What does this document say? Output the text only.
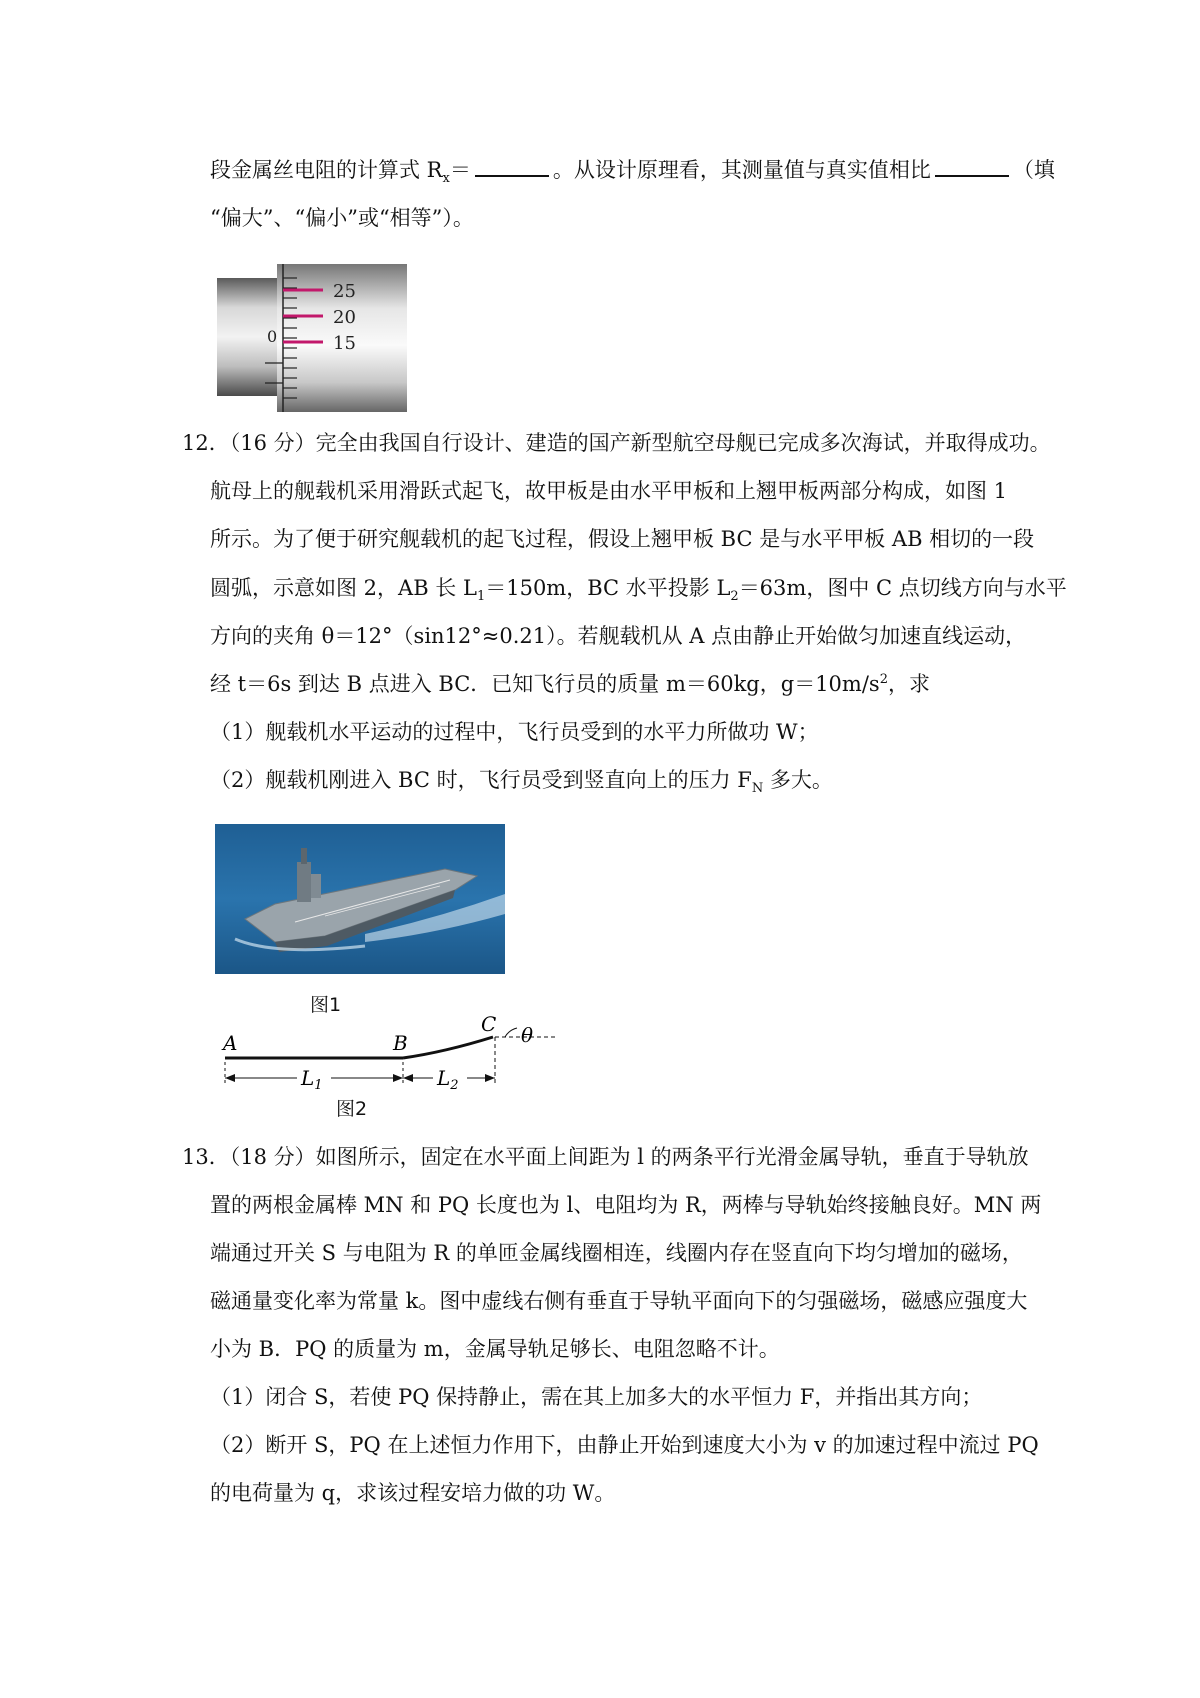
段金属丝电阻的计算式 $R_x=$	。从设计原理看，其测量值与真实值相比	（填
“偏大”、“偏小”或“相等”）。
25
20
15
0
12．（16 分）完全由我国自行设计、建造的国产新型航空母舰已完成多次海试，并取得成功。
航母上的舰载机采用滑跃式起飞，故甲板是由水平甲板和上翘甲板两部分构成，如图 1
所示。为了便于研究舰载机的起飞过程，假设上翘甲板 BC 是与水平甲板 AB 相切的一段
圆弧，示意如图 2，AB 长 $L_1=150m$，BC 水平投影 $L_2=63m$，图中 C 点切线方向与水平
方向的夹角 θ＝12°（sin12°≈0.21）。若舰载机从 A 点由静止开始做匀加速直线运动，
经 t＝6s 到达 B 点进入 BC．已知飞行员的质量 m＝60kg，$g=10m/s^2$，求
（1）舰载机水平运动的过程中，飞行员受到的水平力所做功 W；
（2）舰载机刚进入 BC 时，飞行员受到竖直向上的压力 $F_N$ 多大。
图1
A	B
C θ
$L_1$	$L_2$
图2
13．（18 分）如图所示，固定在水平面上间距为 l 的两条平行光滑金属导轨，垂直于导轨放
置的两根金属棒 MN 和 PQ 长度也为 l、电阻均为 R，两棒与导轨始终接触良好。MN 两
端通过开关 S 与电阻为 R 的单匝金属线圈相连，线圈内存在竖直向下均匀增加的磁场，
磁通量变化率为常量 k。图中虚线右侧有垂直于导轨平面向下的匀强磁场，磁感应强度大
小为 B．PQ 的质量为 m，金属导轨足够长、电阻忽略不计。
（1）闭合 S，若使 PQ 保持静止，需在其上加多大的水平恒力 F，并指出其方向；
（2）断开 S，PQ 在上述恒力作用下，由静止开始到速度大小为 v 的加速过程中流过 PQ
的电荷量为 q，求该过程安培力做的功 W。
